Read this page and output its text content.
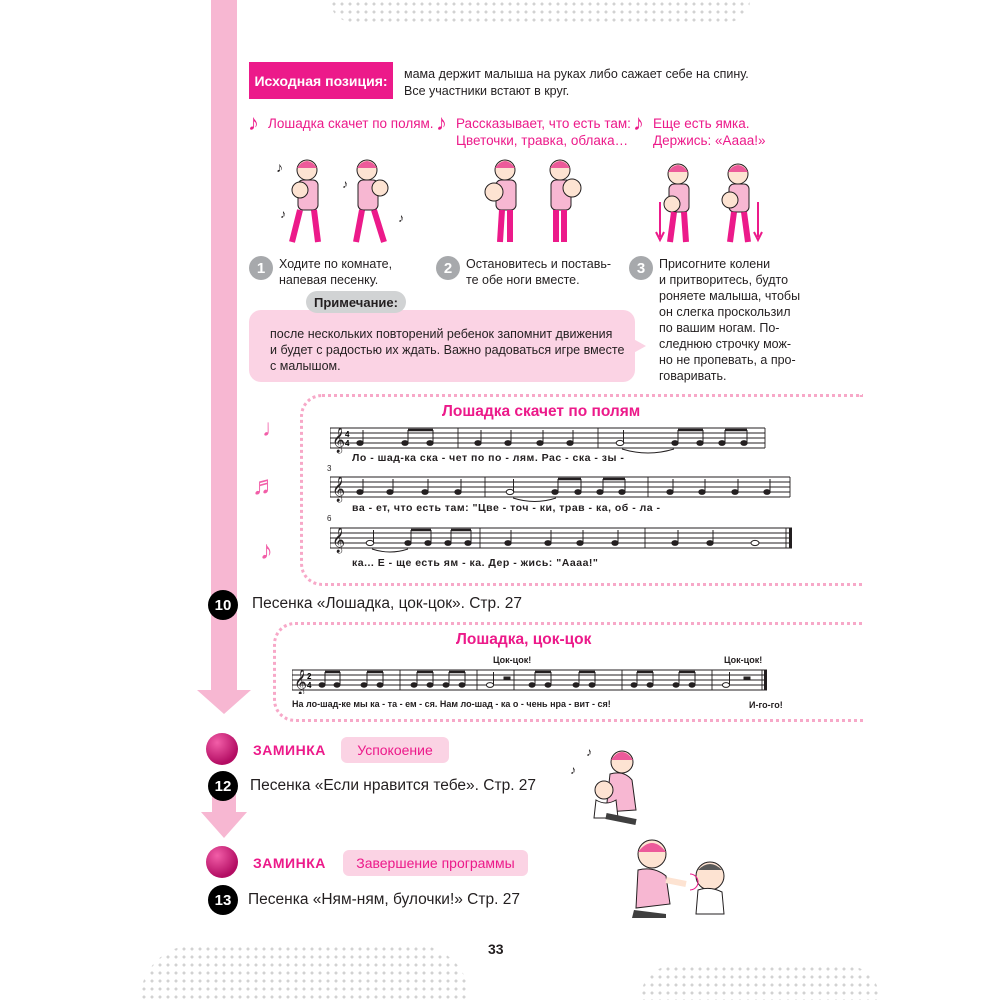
Исходная позиция:	мама держит малыша на руках либо сажает себе на спину.
Все участники встают в круг.
♪ Лошадка скачет по полям. ♪ Рассказывает, что есть там:
Цветочки, травка, облака…
♪ Еще есть ямка.
Держись: «Аааа!»
♪
♪
♪	♪
1	Ходите по комнате,
напевая песенку.
2	Остановитесь и поставь-
те обе ноги вместе.
3	Присогните колени
и притворитесь, будто
роняете малыша, чтобы
он слегка проскользил
по вашим ногам. По-
следнюю строчку мож-
но не пропевать, а про-
говаривать.
Примечание:
после нескольких повторений ребенок запомнит движения
и будет с радостью их ждать. Важно радоваться игре вместе
с малышом.
♩
♬
♪
Лошадка скачет по полям
𝄞 4
4
𝄞
𝄞
3
6
Ло - шад-ка ска - чет по по - лям. Рас - ска - зы -
ва - ет, что есть там: "Цве - точ - ки, трав - ка, об - ла -
ка... Е - ще есть ям - ка. Дер - жись: "Аааа!"
10	Песенка «Лошадка, цок-цок». Стр. 27
Лошадка, цок-цок
Цок-цок!	Цок-цок!
𝄞 2
4
На ло-шад-ке мы ка - та - ем - ся. Нам ло-шад - ка о - чень нра - вит - ся!	И-го-го!
ЗАМИНКА	Успокоение
12	Песенка «Если нравится тебе». Стр. 27
♪
♪
ЗАМИНКА	Завершение программы
13	Песенка «Ням-ням, булочки!» Стр. 27
33
